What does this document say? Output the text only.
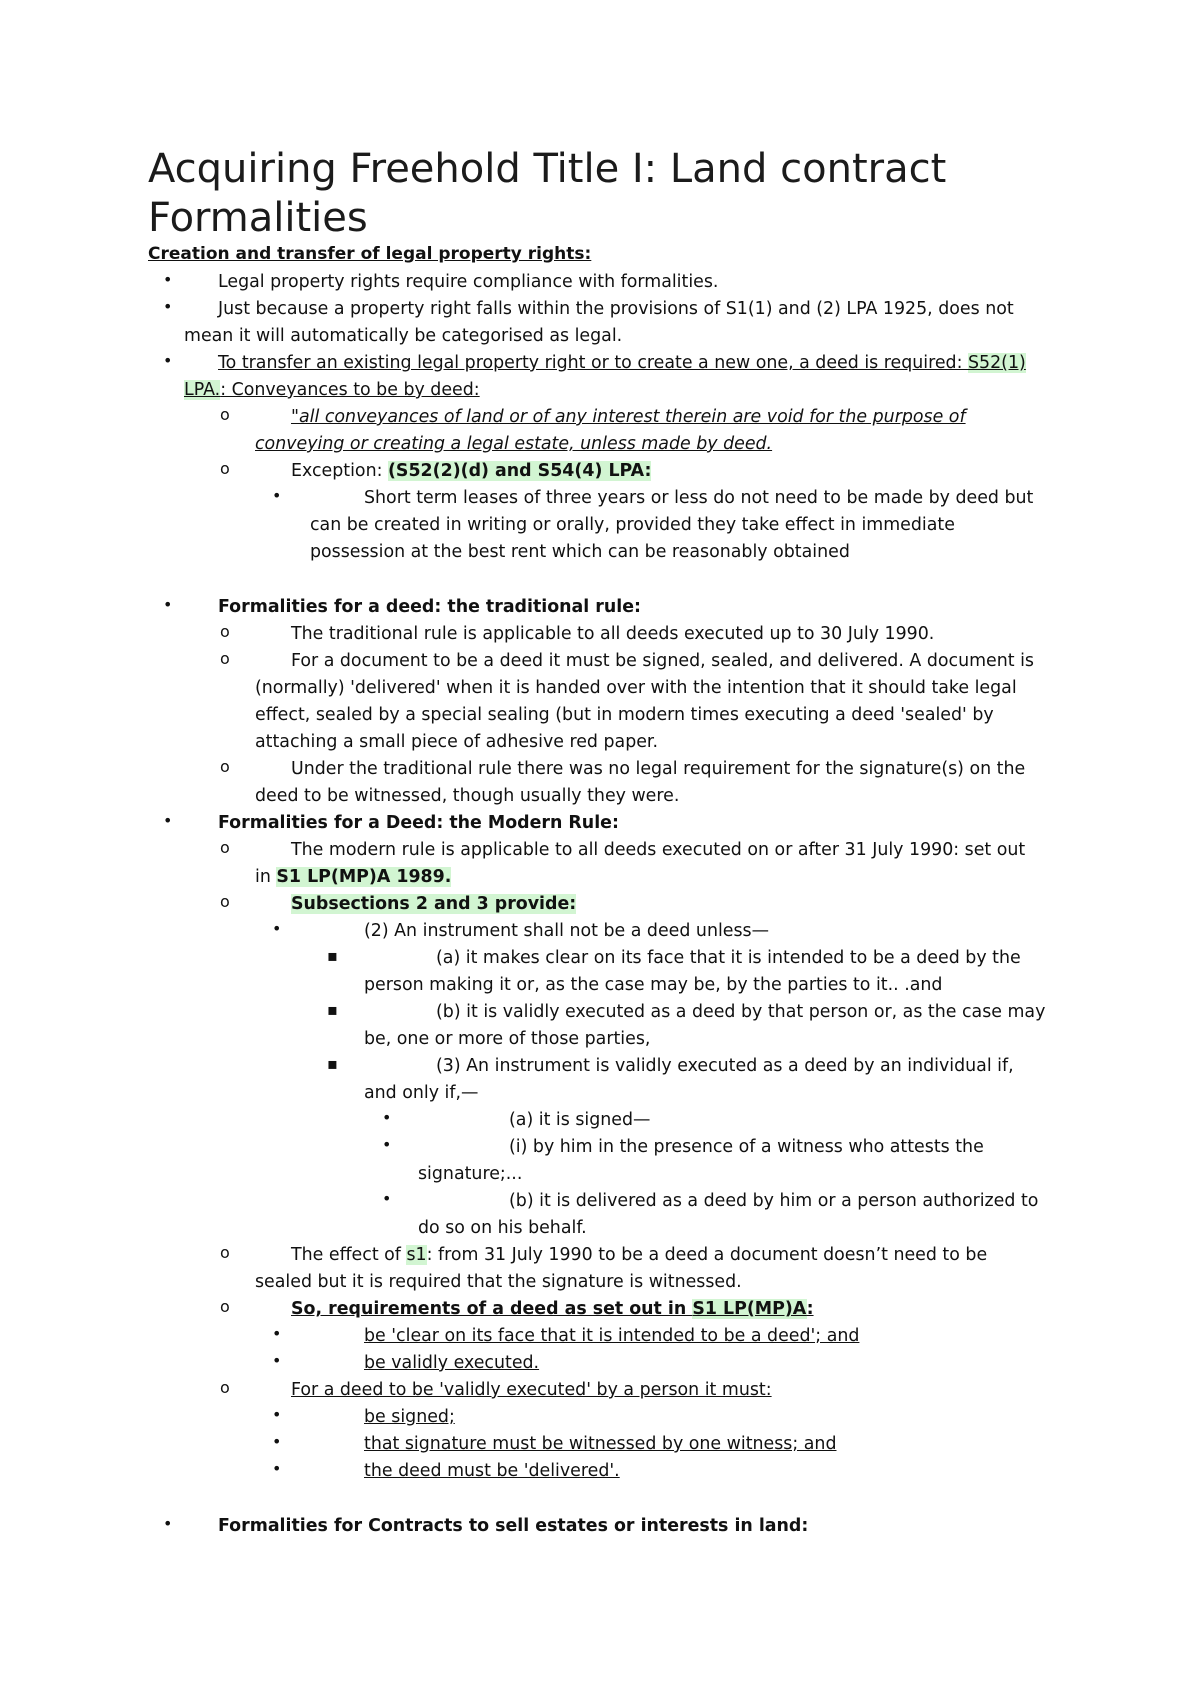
Acquiring Freehold Title I: Land contract
Formalities
Creation and transfer of legal property rights:
•	Legal property rights require compliance with formalities.
•	Just because a property right falls within the provisions of S1(1) and (2) LPA 1925, does not
mean it will automatically be categorised as legal.
•	To transfer an existing legal property right or to create a new one, a deed is required: S52(1)
LPA.: Conveyances to be by deed:
o	"all conveyances of land or of any interest therein are void for the purpose of
conveying or creating a legal estate, unless made by deed.
o	Exception: (S52(2)(d) and S54(4) LPA:
•	Short term leases of three years or less do not need to be made by deed but
can be created in writing or orally, provided they take effect in immediate
possession at the best rent which can be reasonably obtained
•	Formalities for a deed: the traditional rule:
o	The traditional rule is applicable to all deeds executed up to 30 July 1990.
o	For a document to be a deed it must be signed, sealed, and delivered. A document is
(normally) 'delivered' when it is handed over with the intention that it should take legal
effect, sealed by a special sealing (but in modern times executing a deed 'sealed' by
attaching a small piece of adhesive red paper.
o	Under the traditional rule there was no legal requirement for the signature(s) on the
deed to be witnessed, though usually they were.
•	Formalities for a Deed: the Modern Rule:
o	The modern rule is applicable to all deeds executed on or after 31 July 1990: set out
in S1 LP(MP)A 1989.
o	Subsections 2 and 3 provide:
•	(2) An instrument shall not be a deed unless—
▪	(a) it makes clear on its face that it is intended to be a deed by the
person making it or, as the case may be, by the parties to it.. .and
▪	(b) it is validly executed as a deed by that person or, as the case may
be, one or more of those parties,
▪	(3) An instrument is validly executed as a deed by an individual if,
and only if,—
•	(a) it is signed—
•	(i) by him in the presence of a witness who attests the
signature;...
•	(b) it is delivered as a deed by him or a person authorized to
do so on his behalf.
o	The effect of s1: from 31 July 1990 to be a deed a document doesn’t need to be
sealed but it is required that the signature is witnessed.
o	So, requirements of a deed as set out in S1 LP(MP)A:
•	be 'clear on its face that it is intended to be a deed'; and
•	be validly executed.
o	For a deed to be 'validly executed' by a person it must:
•	be signed;
•	that signature must be witnessed by one witness; and
•	the deed must be 'delivered'.
•	Formalities for Contracts to sell estates or interests in land:
